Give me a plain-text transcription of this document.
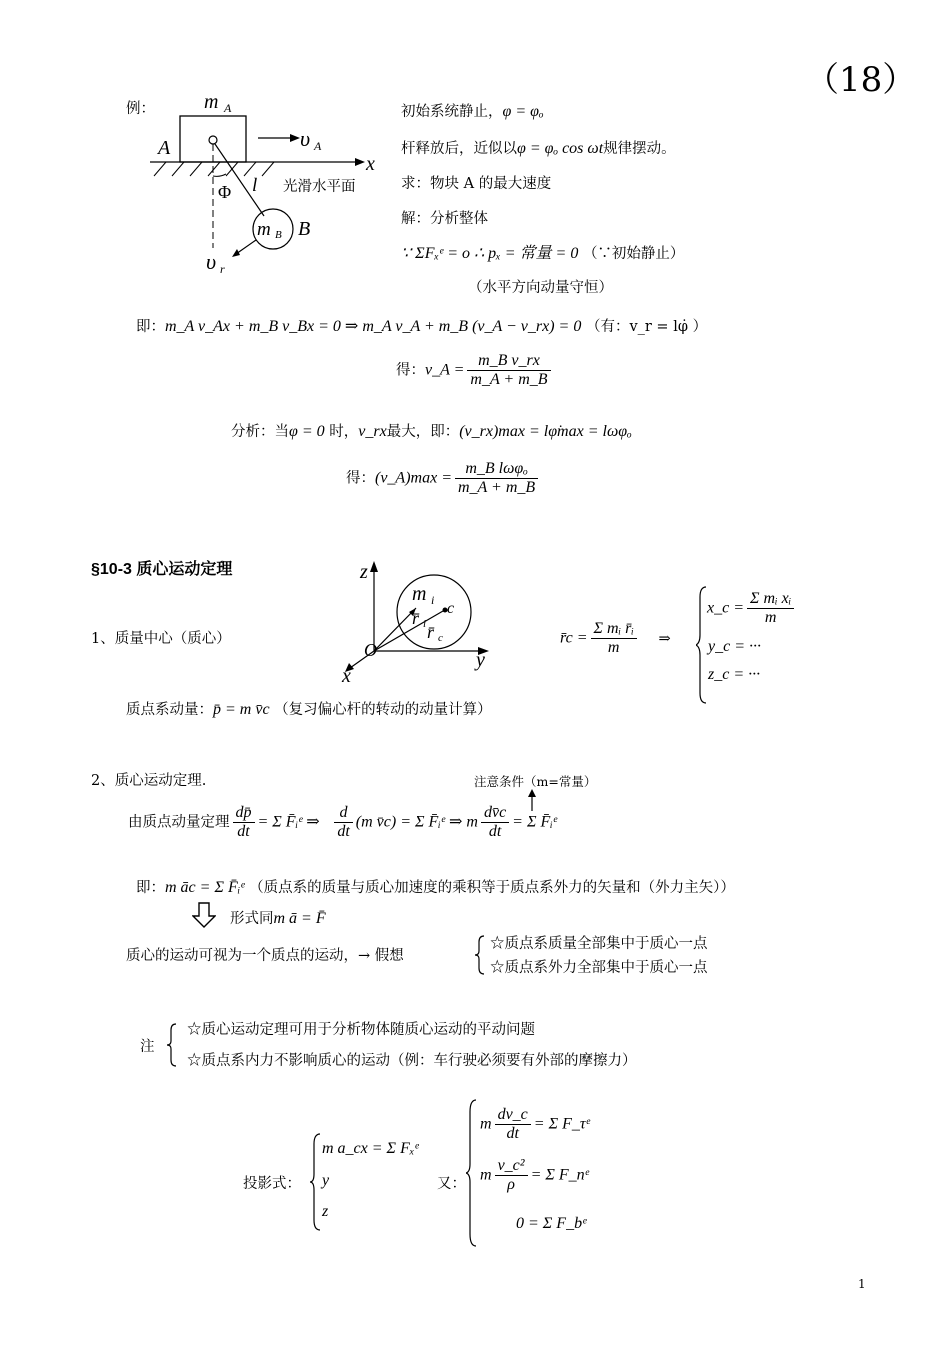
（18）
例： m A
A	υ A
x
Φ l 光滑水平面
m B B
υ r
初始系统静止，φ = φₒ
杆释放后，近似以φ = φₒ cos ωt规律摆动。
求：物块 A 的最大速度
解：分析整体
∵ ΣFₓᵉ = o ∴ pₓ = 常量 = 0 （∵初始静止）
（水平方向动量守恒）
即：m_A v_Ax + m_B v_Bx = 0 ⇒ m_A v_A + m_B (v_A − v_rx) = 0 （有：v_r = lφ̇ ）
得：v_A = $\frac{\text{m\_B v\_rx}}{m\_A + m\_B}$
分析：当φ = 0 时，v_rx最大，即：(v_rx)max = lφ̇max = lωφₒ
得：(v_A)max = $\frac{\text{m\_B lωφₒ}}{m\_A + m\_B}$
§10-3 质心运动定理	z
y
x
O
m i
r̄ i
c
r̄ c
1、质量中心（质心）	r̄c = $\frac{\text{Σ mᵢ r̄ᵢ}}{m}$ ⇒
x_c = $\frac{\text{Σ mᵢ xᵢ}}{m}$
y_c = ···
z_c = ···
质点系动量：p̄ = m v̄c （复习偏心杆的转动的动量计算）
2、质心运动定理.	注意条件（m=常量）
由质点动量定理 $\frac{dp̄}{dt} = \Sigma$ F̄ᵢᵉ ⇒ $\frac{d}{dt} (m$ v̄c) = Σ F̄ᵢᵉ ⇒ m $\frac{dv̄c}{dt} = \Sigma$ F̄ᵢᵉ
即：m āc = Σ F̄ᵢᵉ （质点系的质量与质心加速度的乘积等于质点系外力的矢量和（外力主矢））
形式同m ā = F̄
质心的运动可视为一个质点的运动，→ 假想
☆质点系质量全部集中于质心一点
☆质点系外力全部集中于质心一点
注
☆质心运动定理可用于分析物体随质心运动的平动问题
☆质点系内力不影响质心的运动（例：车行驶必须要有外部的摩擦力）
投影式：
m a_cx = Σ Fₓᵉ
y
z
又：
m $\frac{dv\_c}{dt} = \Sigma$ F_τᵉ
m $\frac{\text{v\_c²}}{\rho} = \Sigma$ F_nᵉ
0 = Σ F_bᵉ
1
